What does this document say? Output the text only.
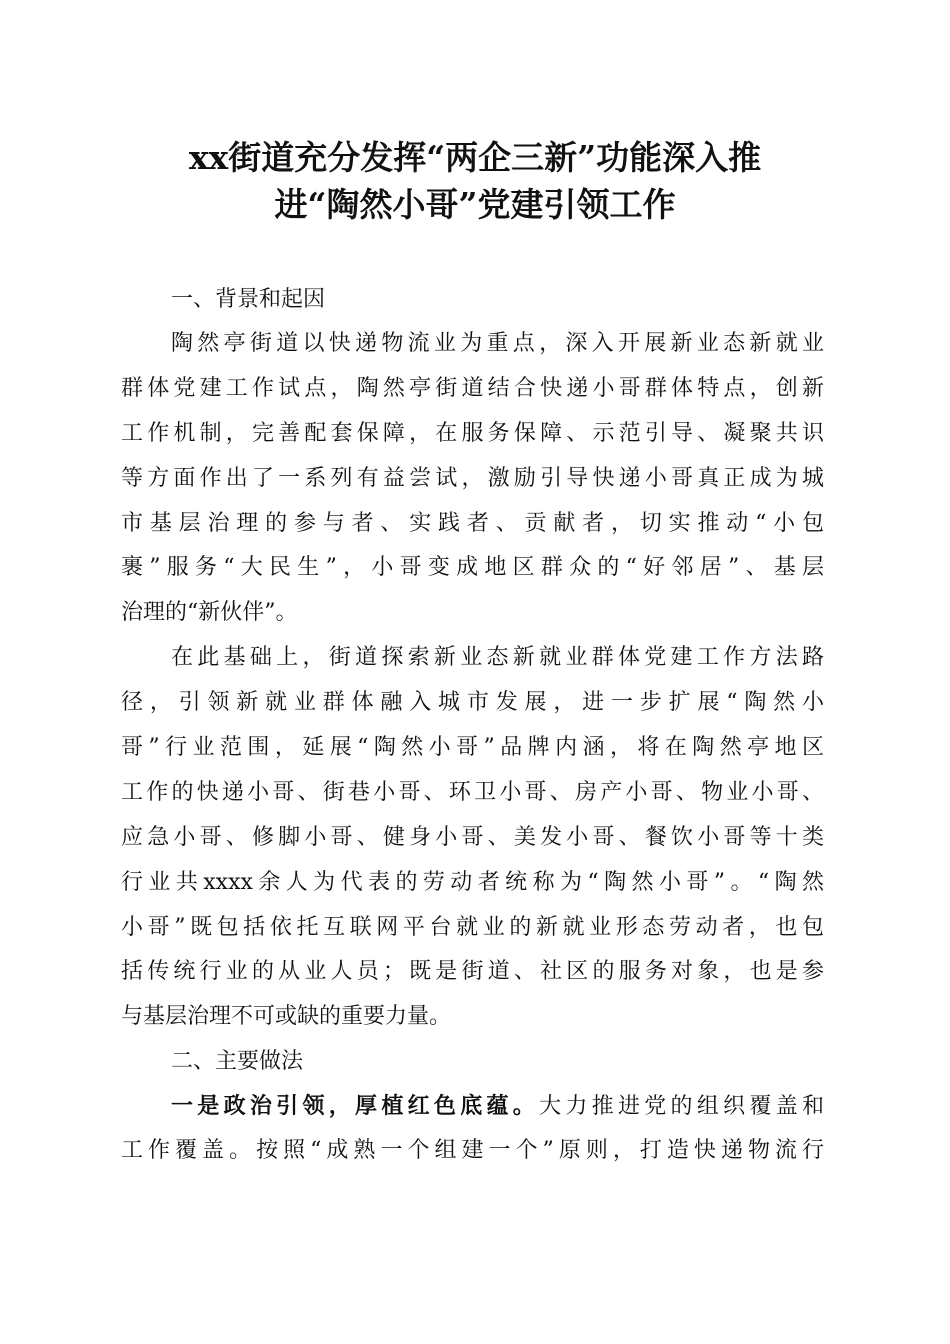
xx街道充分发挥“两企三新”功能深入推
进“陶然小哥”党建引领工作

一、背景和起因

陶然亭街道以快递物流业为重点，深入开展新业态新就业
群体党建工作试点，陶然亭街道结合快递小哥群体特点，创新
工作机制，完善配套保障，在服务保障、示范引导、凝聚共识
等方面作出了一系列有益尝试，激励引导快递小哥真正成为城
市基层治理的参与者、实践者、贡献者，切实推动“小包
裹”服务“大民生”，小哥变成地区群众的“好邻居”、基层
治理的“新伙伴”。

在此基础上，街道探索新业态新就业群体党建工作方法路
径，引领新就业群体融入城市发展，进一步扩展“陶然小
哥”行业范围，延展“陶然小哥”品牌内涵，将在陶然亭地区
工作的快递小哥、街巷小哥、环卫小哥、房产小哥、物业小哥、
应急小哥、修脚小哥、健身小哥、美发小哥、餐饮小哥等十类
行业共xxxx余人为代表的劳动者统称为“陶然小哥”。“陶然
小哥”既包括依托互联网平台就业的新就业形态劳动者，也包
括传统行业的从业人员；既是街道、社区的服务对象，也是参
与基层治理不可或缺的重要力量。

二、主要做法

一是政治引领，厚植红色底蕴。大力推进党的组织覆盖和
工作覆盖。按照“成熟一个组建一个”原则，打造快递物流行
